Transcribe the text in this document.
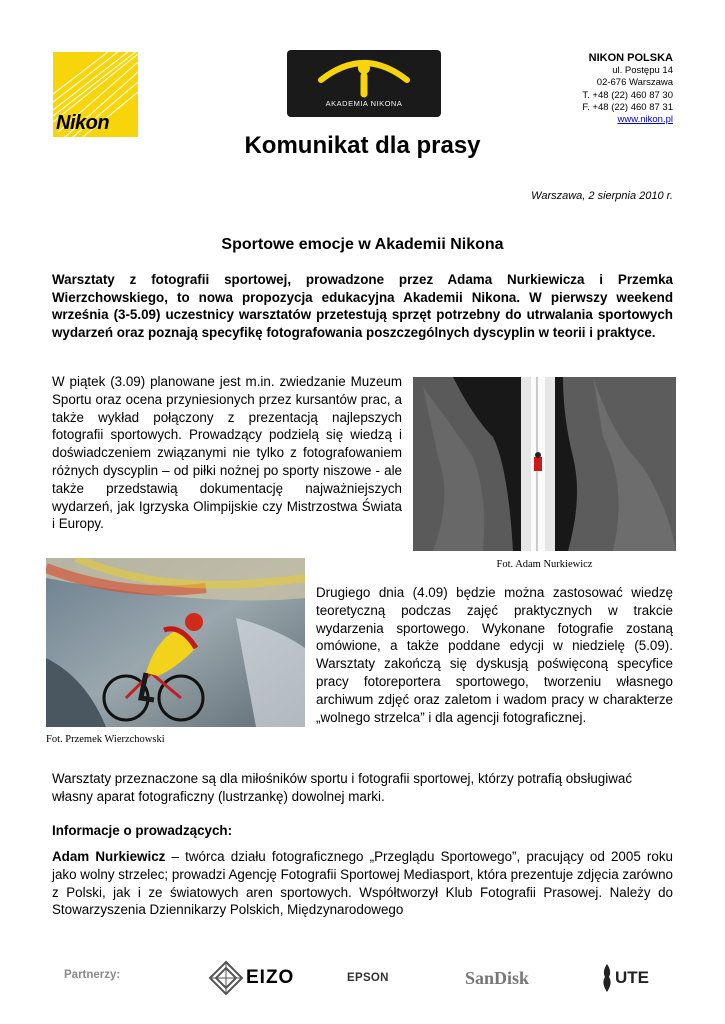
Nikon
AKADEMIA NIKONA
NIKON POLSKA
ul. Postępu 14
02-676 Warszawa
T. +48 (22) 460 87 30
F. +48 (22) 460 87 31
www.nikon.pl
Komunikat dla prasy
Warszawa, 2 sierpnia 2010 r.
Sportowe emocje w Akademii Nikona
Warsztaty z fotografii sportowej, prowadzone przez Adama Nurkiewicza i Przemka Wierzchowskiego, to nowa propozycja edukacyjna Akademii Nikona. W pierwszy weekend września (3-5.09) uczestnicy warsztatów przetestują sprzęt potrzebny do utrwalania sportowych wydarzeń oraz poznają specyfikę fotografowania poszczególnych dyscyplin w teorii i praktyce.
W piątek (3.09) planowane jest m.in. zwiedzanie Muzeum Sportu oraz ocena przyniesionych przez kursantów prac, a także wykład połączony z prezentacją najlepszych fotografii sportowych. Prowadzący podzielą się wiedzą i doświadczeniem związanymi nie tylko z fotografowaniem różnych dyscyplin – od piłki nożnej po sporty niszowe - ale także przedstawią dokumentację najważniejszych wydarzeń, jak Igrzyska Olimpijskie czy Mistrzostwa Świata i Europy.
Fot. Adam Nurkiewicz
Fot. Przemek Wierzchowski
Drugiego dnia (4.09) będzie można zastosować wiedzę teoretyczną podczas zajęć praktycznych w trakcie wydarzenia sportowego. Wykonane fotografie zostaną omówione, a także poddane edycji w niedzielę (5.09). Warsztaty zakończą się dyskusją poświęconą specyfice pracy fotoreportera sportowego, tworzeniu własnego archiwum zdjęć oraz zaletom i wadom pracy w charakterze „wolnego strzelca” i dla agencji fotograficznej.
Warsztaty przeznaczone są dla miłośników sportu i fotografii sportowej, którzy potrafią obsługiwać własny aparat fotograficzny (lustrzankę) dowolnej marki.
Informacje o prowadzących:
Adam Nurkiewicz – twórca działu fotograficznego „Przeglądu Sportowego”, pracujący od 2005 roku jako wolny strzelec; prowadzi Agencję Fotografii Sportowej Mediasport, która prezentuje zdjęcia zarówno z Polski, jak i ze światowych aren sportowych. Współtworzył Klub Fotografii Prasowej. Należy do Stowarzyszenia Dziennikarzy Polskich, Międzynarodowego
Partnerzy:	EIZO	EPSON	SanDisk	UTE
